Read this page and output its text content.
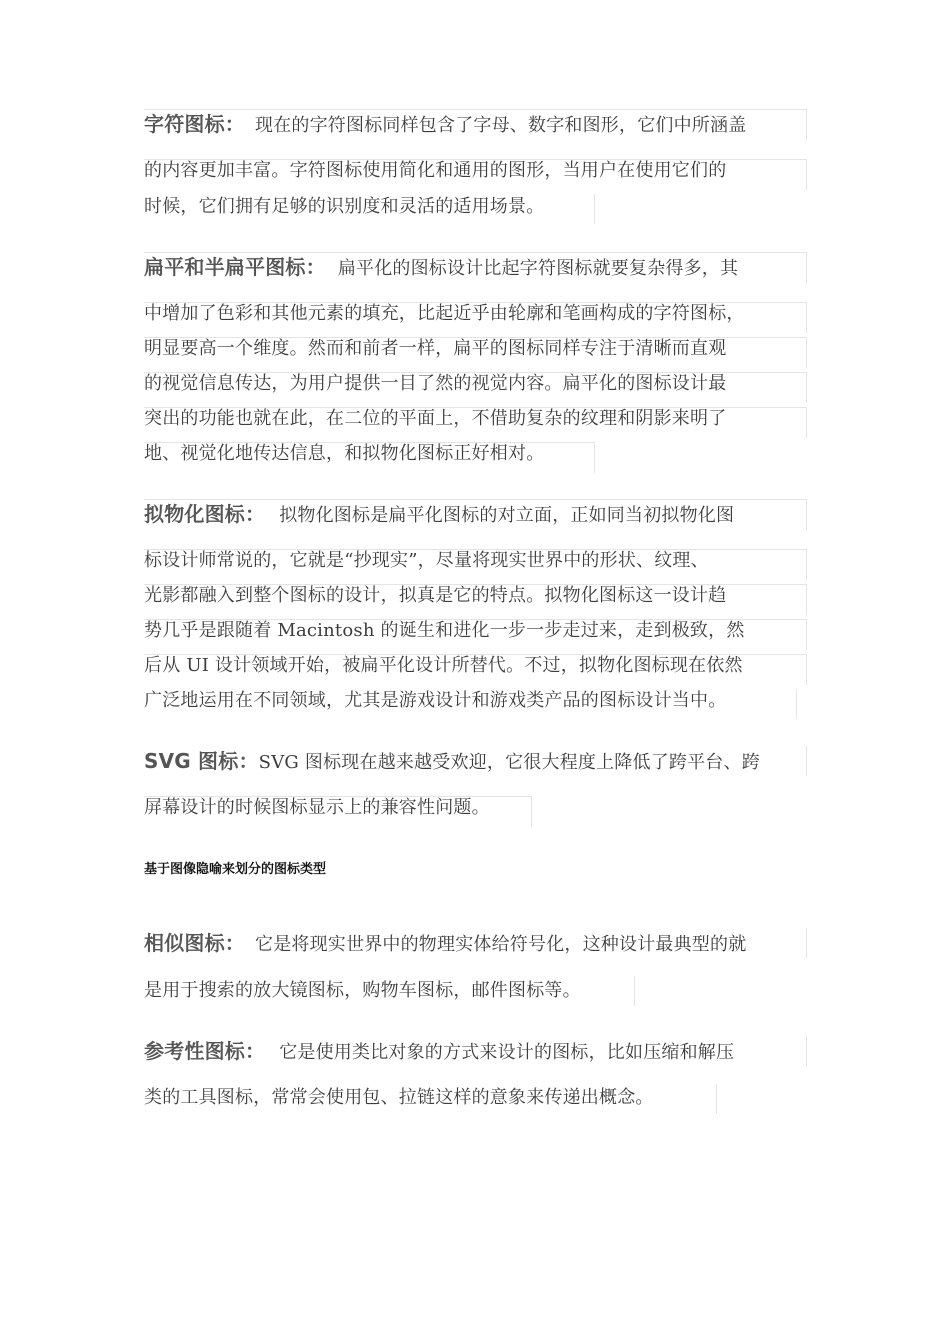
字符图标： 现在的字符图标同样包含了字母、数字和图形，它们中所涵盖
的内容更加丰富。字符图标使用简化和通用的图形，当用户在使用它们的
时候，它们拥有足够的识别度和灵活的适用场景。
扁平和半扁平图标： 扁平化的图标设计比起字符图标就要复杂得多，其
中增加了色彩和其他元素的填充，比起近乎由轮廓和笔画构成的字符图标，
明显要高一个维度。然而和前者一样，扁平的图标同样专注于清晰而直观
的视觉信息传达，为用户提供一目了然的视觉内容。扁平化的图标设计最
突出的功能也就在此，在二位的平面上，不借助复杂的纹理和阴影来明了
地、视觉化地传达信息，和拟物化图标正好相对。
拟物化图标： 拟物化图标是扁平化图标的对立面，正如同当初拟物化图
标设计师常说的，它就是“抄现实”，尽量将现实世界中的形状、纹理、
光影都融入到整个图标的设计，拟真是它的特点。拟物化图标这一设计趋
势几乎是跟随着 Macintosh 的诞生和进化一步一步走过来，走到极致，然
后从 UI 设计领域开始，被扁平化设计所替代。不过，拟物化图标现在依然
广泛地运用在不同领域，尤其是游戏设计和游戏类产品的图标设计当中。
SVG 图标：SVG 图标现在越来越受欢迎，它很大程度上降低了跨平台、跨
屏幕设计的时候图标显示上的兼容性问题。
基于图像隐喻来划分的图标类型
相似图标： 它是将现实世界中的物理实体给符号化，这种设计最典型的就
是用于搜索的放大镜图标，购物车图标，邮件图标等。
参考性图标： 它是使用类比对象的方式来设计的图标，比如压缩和解压
类的工具图标，常常会使用包、拉链这样的意象来传递出概念。
